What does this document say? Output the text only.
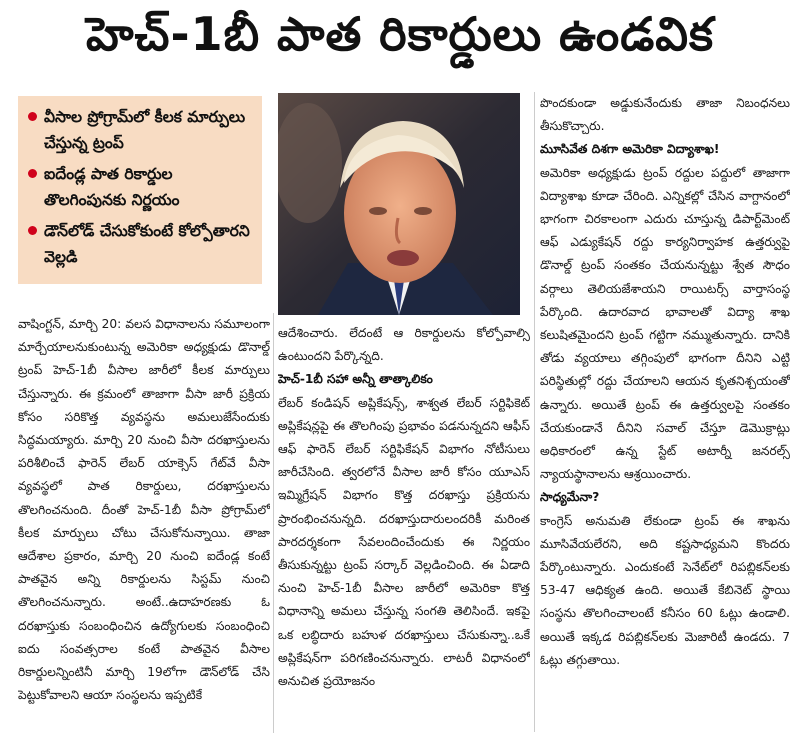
హెచ్-1బీ పాత రికార్డులు ఉండవిక
వీసాల ప్రోగ్రామ్‌లో కీలక మార్పులు చేస్తున్న ట్రంప్
ఐదేండ్ల పాత రికార్డుల తొలగింపునకు నిర్ణయం
డౌన్‌లోడ్ చేసుకోకుంటే కోల్పోతారని వెల్లడి

వాషింగ్టన్, మార్చి 20: వలస విధానాలను సమూలంగా మార్చేయాలనుకుంటున్న అమెరికా అధ్యక్షుడు డొనాల్డ్ ట్రంప్ హెచ్-1బీ వీసాల జారీలో కీలక మార్పులు చేస్తున్నారు. ఈ క్రమంలో తాజాగా వీసా జారీ ప్రక్రియ కోసం సరికొత్త వ్యవస్థను అమలుజేసేందుకు సిద్ధమయ్యారు. మార్చి 20 నుంచి వీసా దరఖాస్తులను పరిశీలించే ఫారెన్ లేబర్ యాక్సెస్ గేట్‌వే వీసా వ్యవస్థలో పాత రికార్డులు, దరఖాస్తులను తొలగించనుంది. దీంతో హెచ్-1బీ వీసా ప్రోగ్రామ్‌లో కీలక మార్పులు చోటు చేసుకోనున్నాయి. తాజా ఆదేశాల ప్రకారం, మార్చి 20 నుంచి ఐదేండ్ల కంటే పాతవైన అన్ని రికార్డులను సిస్టమ్ నుంచి తొలగించనున్నారు. అంటే..ఉదాహరణకు ఓ దరఖాస్తుకు సంబంధించిన ఉద్యోగులకు సంబంధించి ఐదు సంవత్సరాల కంటే పాతవైన వీసాల రికార్డులన్నింటినీ మార్చి 19లోగా డౌన్‌లోడ్ చేసి పెట్టుకోవాలని ఆయా సంస్థలను ఇప్పటికే

ఆదేశించారు. లేదంటే ఆ రికార్డులను కోల్పోవాల్సి ఉంటుందని పేర్కొన్నది.

హెచ్-1బీ సహా అన్నీ తాత్కాలికం

లేబర్ కండిషన్ అప్లికేషన్స్, శాశ్వత లేబర్ సర్టిఫికెట్ అప్లికేషన్లపై ఈ తొలగింపు ప్రభావం పడనున్నదని ఆఫీస్ ఆఫ్ ఫారెన్ లేబర్ సర్టిఫికేషన్ విభాగం నోటీసులు జారీచేసింది. త్వరలోనే వీసాల జారీ కోసం యూఎస్ ఇమ్మిగ్రేషన్ విభాగం కొత్త దరఖాస్తు ప్రక్రియను ప్రారంభించనున్నది. దరఖాస్తుదారులందరికీ మరింత పారదర్శకంగా సేవలందించేందుకు ఈ నిర్ణయం తీసుకున్నట్టు ట్రంప్ సర్కార్ వెల్లడించింది. ఈ ఏడాది నుంచి హెచ్-1బీ వీసాల జారీలో అమెరికా కొత్త విధానాన్ని అమలు చేస్తున్న సంగతి తెలిసిందే. ఇకపై ఒక లబ్ధిదారు బహుళ దరఖాస్తులు చేసుకున్నా..ఒకే అప్లికేషన్‌గా పరిగణించనున్నారు. లాటరీ విధానంలో అనుచిత ప్రయోజనం

పొందకుండా అడ్డుకునేందుకు తాజా నిబంధనలు తీసుకొచ్చారు.

మూసివేత దిశగా అమెరికా విద్యాశాఖ!

అమెరికా అధ్యక్షుడు ట్రంప్ రద్దుల పద్దులో తాజాగా విద్యాశాఖ కూడా చేరింది. ఎన్నికల్లో చేసిన వాగ్దానంలో భాగంగా చిరకాలంగా ఎదురు చూస్తున్న డిపార్ట్‌మెంట్ ఆఫ్ ఎడ్యుకేషన్ రద్దు కార్యనిర్వాహక ఉత్తర్వుపై డొనాల్డ్ ట్రంప్ సంతకం చేయనున్నట్టు శ్వేత సౌధం వర్గాలు తెలియజేశాయని రాయిటర్స్ వార్తాసంస్థ పేర్కొంది. ఉదారవాద భావాలతో విద్యా శాఖ కలుషితమైందని ట్రంప్ గట్టిగా నమ్ముతున్నారు. దానికి తోడు వ్యయాలు తగ్గింపులో భాగంగా దీనిని ఎట్టి పరిస్థితుల్లో రద్దు చేయాలని ఆయన కృతనిశ్చయంతో ఉన్నారు. అయితే ట్రంప్ ఈ ఉత్తర్వులపై సంతకం చేయకుండానే దీనిని సవాల్ చేస్తూ డెమొక్రాట్లు అధికారంలో ఉన్న స్టేట్ అటార్నీ జనరల్స్ న్యాయస్థానాలను ఆశ్రయించారు.

సాధ్యమేనా?

కాంగ్రెస్ అనుమతి లేకుండా ట్రంప్ ఈ శాఖను మూసివేయలేరని, అది కష్టసాధ్యమని కొందరు పేర్కొంటున్నారు. ఎందుకంటే సెనేట్‌లో రిపబ్లికన్‌లకు 53-47 ఆధిక్యత ఉంది. అయితే కేబినెట్ స్థాయి సంస్థను తొలగించాలంటే కనీసం 60 ఓట్లు ఉండాలి. అయితే ఇక్కడ రిపబ్లికన్‌లకు మెజారిటీ ఉండదు. 7 ఓట్లు తగ్గుతాయి.
